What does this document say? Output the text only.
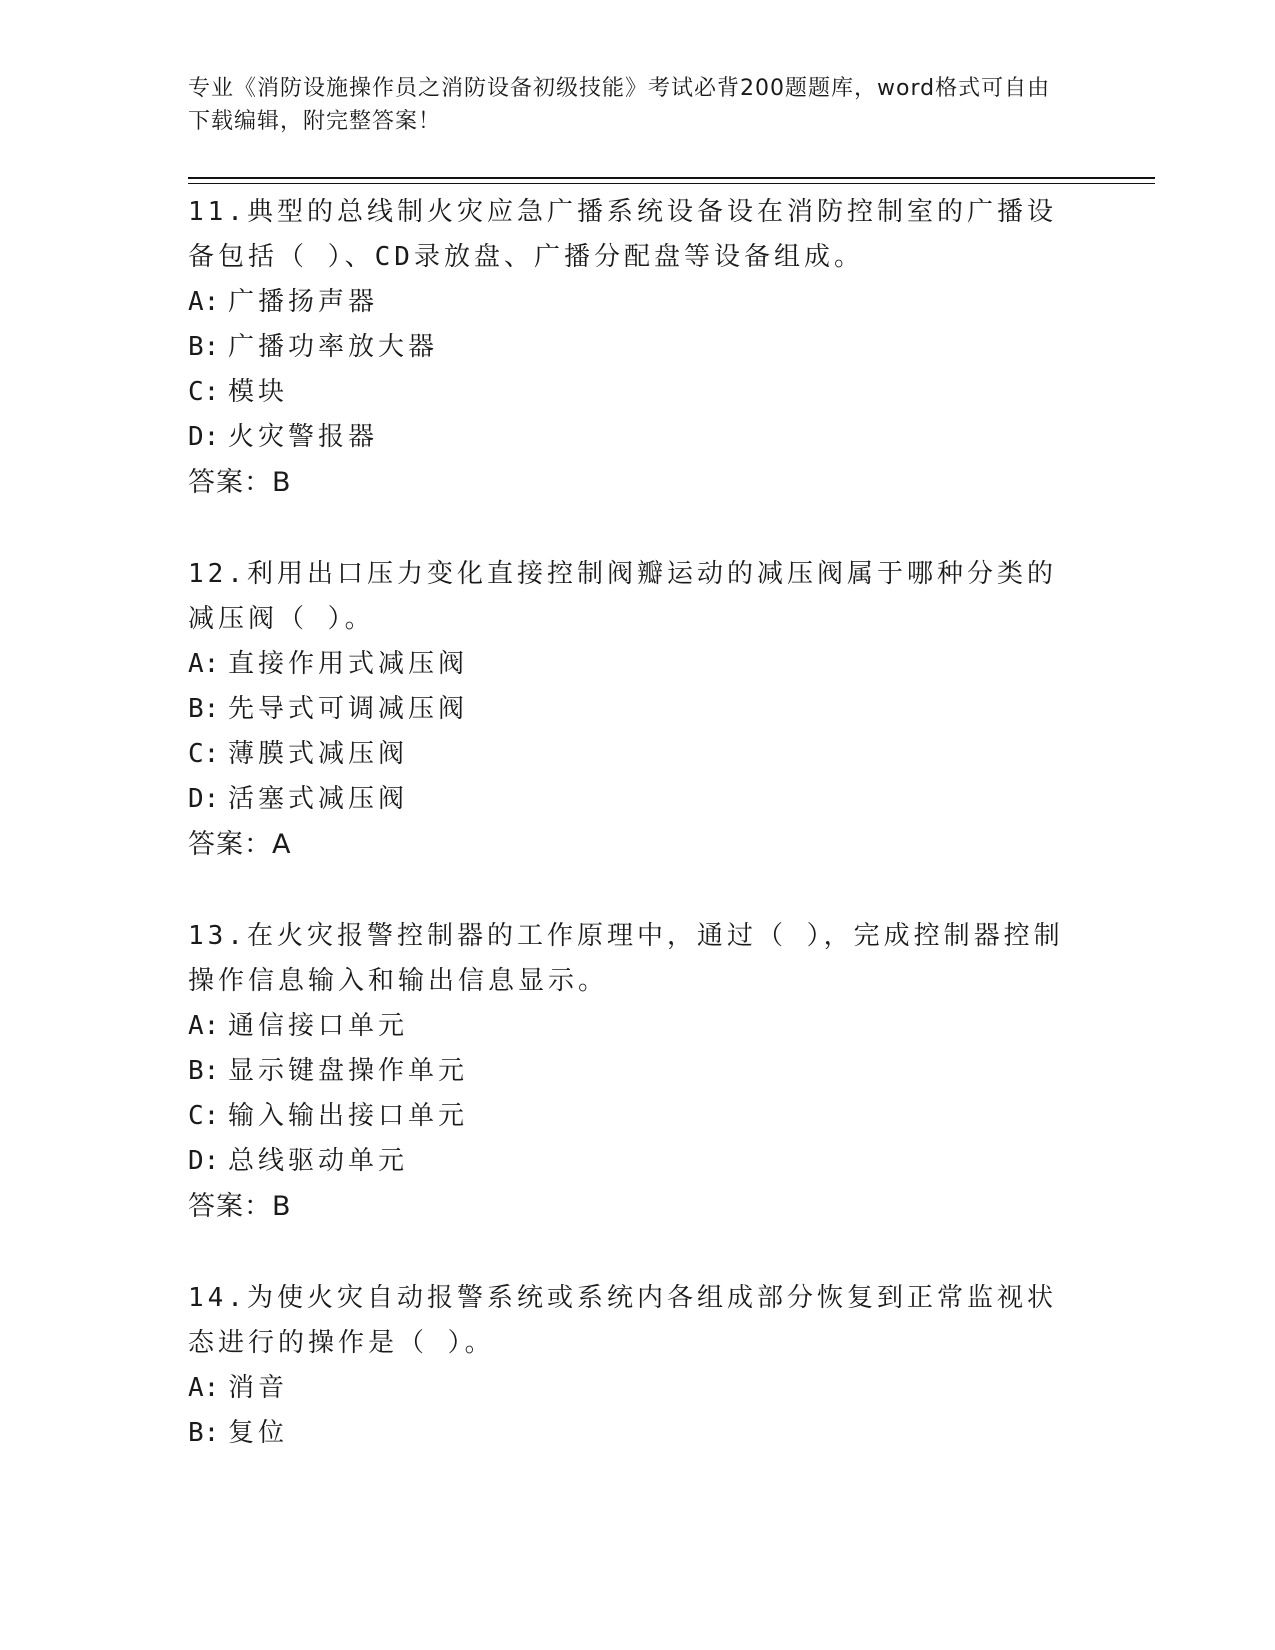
专业《消防设施操作员之消防设备初级技能》考试必背200题题库，word格式可自由下载编辑，附完整答案！
11.典型的总线制火灾应急广播系统设备设在消防控制室的广播设备包括（ ）、CD录放盘、广播分配盘等设备组成。
A: 广播扬声器
B: 广播功率放大器
C: 模块
D: 火灾警报器
答案：B
12.利用出口压力变化直接控制阀瓣运动的减压阀属于哪种分类的减压阀（ ）。
A: 直接作用式减压阀
B: 先导式可调减压阀
C: 薄膜式减压阀
D: 活塞式减压阀
答案：A
13.在火灾报警控制器的工作原理中，通过（ ），完成控制器控制操作信息输入和输出信息显示。
A: 通信接口单元
B: 显示键盘操作单元
C: 输入输出接口单元
D: 总线驱动单元
答案：B
14.为使火灾自动报警系统或系统内各组成部分恢复到正常监视状态进行的操作是（ ）。
A: 消音
B: 复位
